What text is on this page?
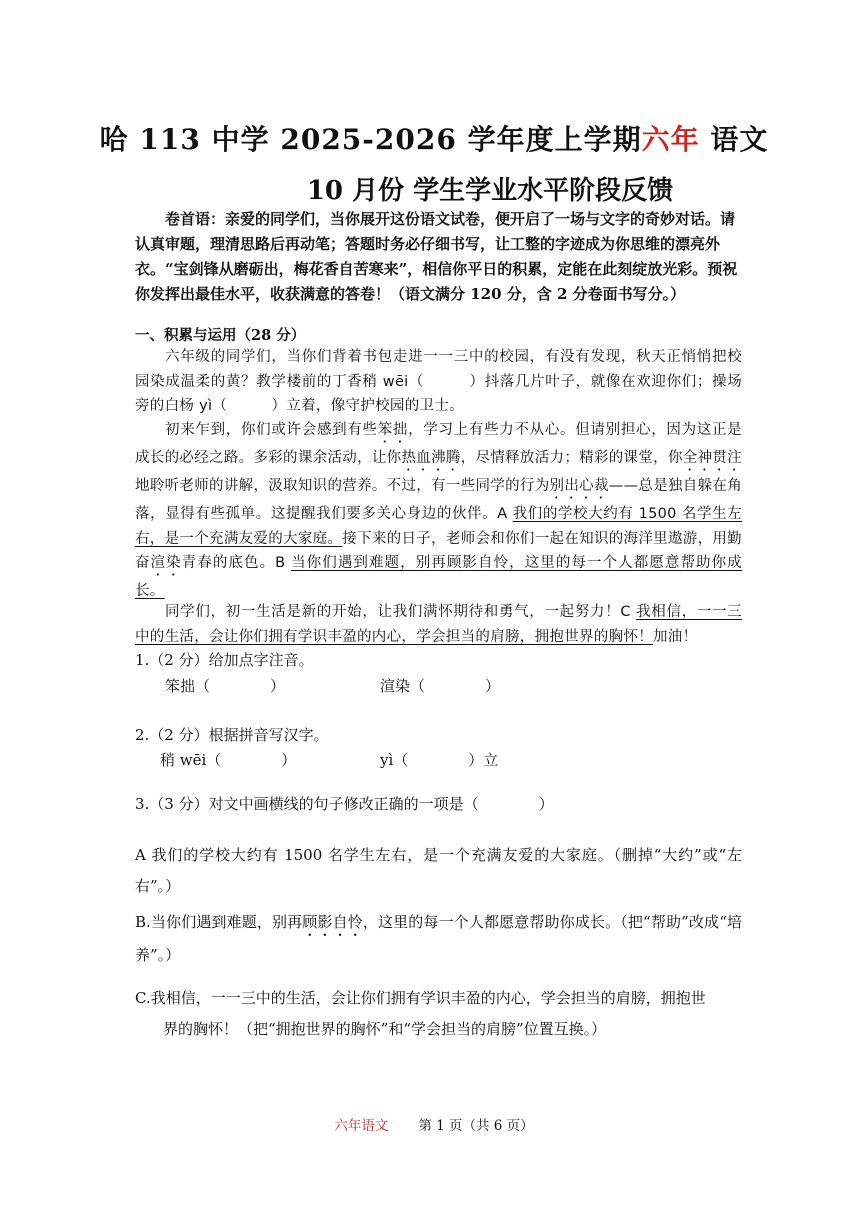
哈 113 中学 2025-2026 学年度上学期六年 语文
10 月份 学生学业水平阶段反馈
卷首语：亲爱的同学们，当你展开这份语文试卷，便开启了一场与文字的奇妙对话。请认真审题，理清思路后再动笔；答题时务必仔细书写，让工整的字迹成为你思维的漂亮外衣。“宝剑锋从磨砺出，梅花香自苦寒来”，相信你平日的积累，定能在此刻绽放光彩。预祝你发挥出最佳水平，收获满意的答卷！（语文满分 120 分，含 2 分卷面书写分。）
一、积累与运用（28 分）
六年级的同学们，当你们背着书包走进一一三中的校园，有没有发现，秋天正悄悄把校园染成温柔的黄？教学楼前的丁香稍 wēi（　　　）抖落几片叶子，就像在欢迎你们；操场旁的白杨 yì（　　　）立着，像守护校园的卫士。
初来乍到，你们或许会感到有些笨拙，学习上有些力不从心。但请别担心，因为这正是成长的必经之路。多彩的课余活动，让你热血沸腾，尽情释放活力；精彩的课堂，你全神贯注地聆听老师的讲解，汲取知识的营养。不过，有一些同学的行为别出心裁——总是独自躲在角落，显得有些孤单。这提醒我们要多关心身边的伙伴。A 我们的学校大约有 1500 名学生左右，是一个充满友爱的大家庭。接下来的日子，老师会和你们一起在知识的海洋里遨游，用勤奋渲染青春的底色。B 当你们遇到难题，别再顾影自怜，这里的每一个人都愿意帮助你成长。
同学们，初一生活是新的开始，让我们满怀期待和勇气，一起努力！C 我相信，一一三中的生活，会让你们拥有学识丰盈的内心，学会担当的肩膀，拥抱世界的胸怀！加油！
1.（2 分）给加点字注音。
笨拙（　　　　）	渲染（　　　　）
2.（2 分）根据拼音写汉字。
稍 wēi（　　　　）	yì（　　　　）立
3.（3 分）对文中画横线的句子修改正确的一项是（　　　　）
A 我们的学校大约有 1500 名学生左右，是一个充满友爱的大家庭。（删掉“大约”或“左右”。）
B.当你们遇到难题，别再顾影自怜，这里的每一个人都愿意帮助你成长。（把“帮助”改成“培养”。）
C.我相信，一一三中的生活，会让你们拥有学识丰盈的内心，学会担当的肩膀，拥抱世
界的胸怀！（把“拥抱世界的胸怀”和“学会担当的肩膀”位置互换。）
六年语文 第 1 页（共 6 页）
